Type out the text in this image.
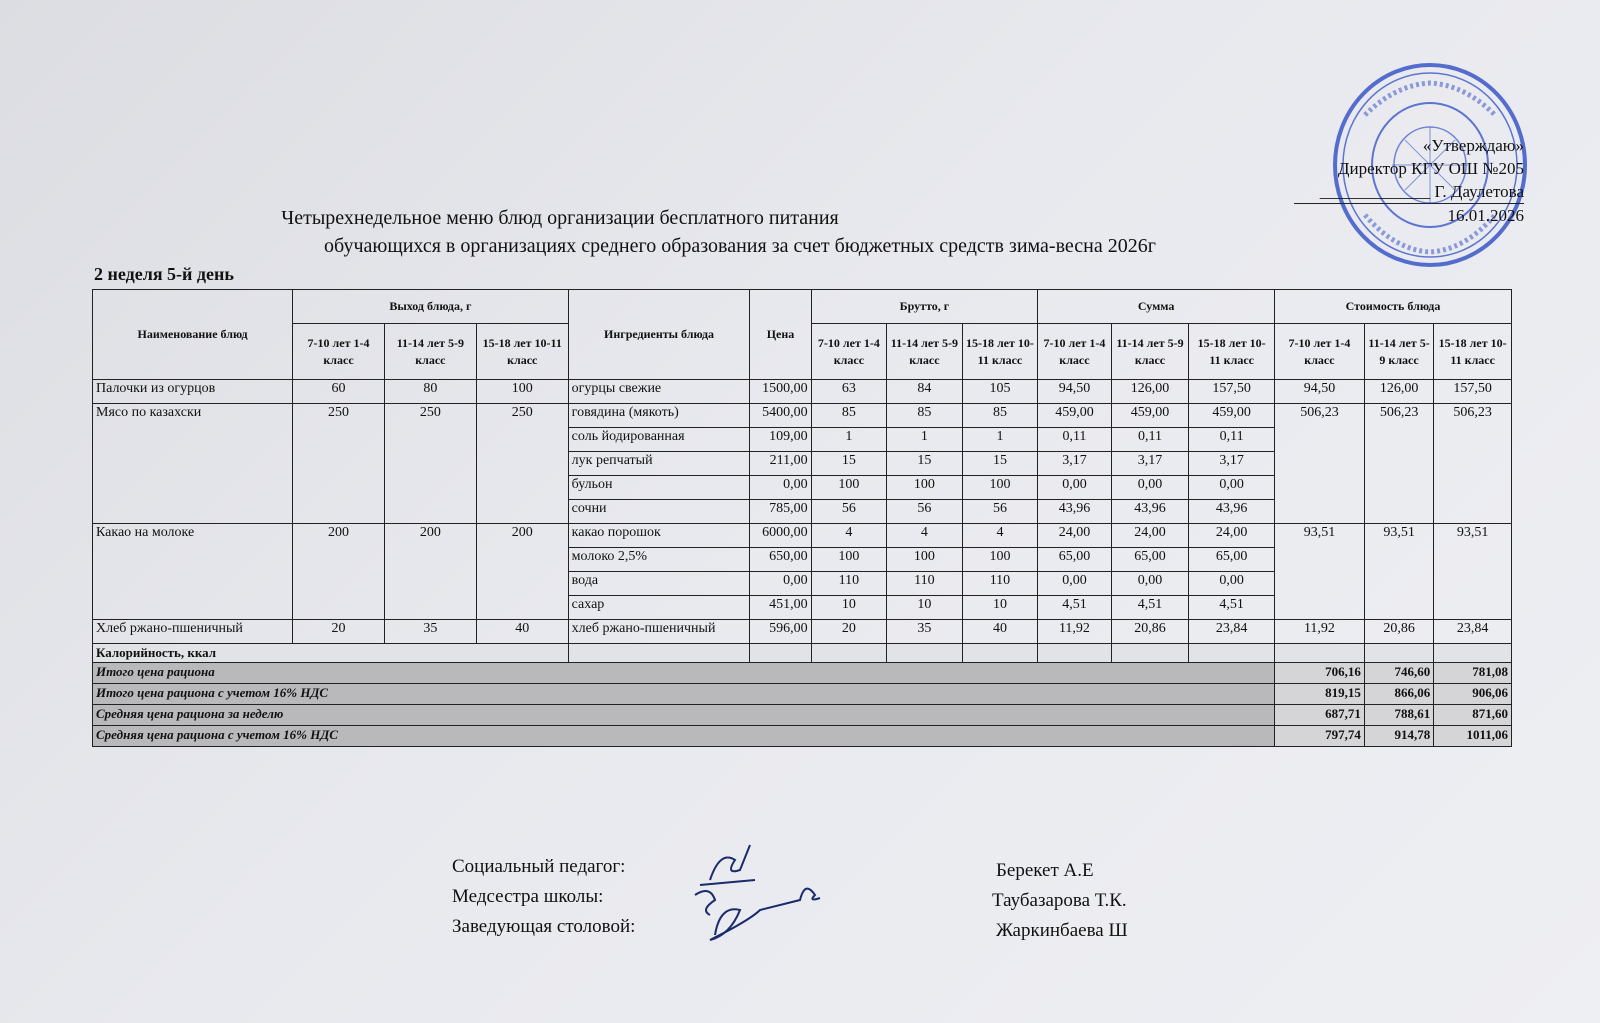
«Утверждаю»
Директор КГУ ОШ №205
_____________ Г. Даулетова
16.01.2026
Четырехнедельное меню блюд организации бесплатного питания
обучающихся в организациях среднего образования за счет бюджетных средств зима-весна 2026г
2 неделя 5-й день
Наименование блюд	Выход блюда, г			Ингредиенты блюда	Цена	Брутто, г			Сумма			Стоимость блюда		
	7-10 лет 1-4 класс	11-14 лет 5-9 класс	15-18 лет 10-11 класс			7-10 лет 1-4 класс	11-14 лет 5-9 класс	15-18 лет 10-11 класс	7-10 лет 1-4 класс	11-14 лет 5-9 класс	15-18 лет 10-11 класс	7-10 лет 1-4 класс	11-14 лет 5-9 класс	15-18 лет 10-11 класс
Палочки из огурцов	60	80	100	огурцы свежие	1500,00	63	84	105	94,50	126,00	157,50	94,50	126,00	157,50
Мясо по казахски	250	250	250	говядина (мякоть)	5400,00	85	85	85	459,00	459,00	459,00	506,23	506,23	506,23
				соль йодированная	109,00	1	1	1	0,11	0,11	0,11			
				лук репчатый	211,00	15	15	15	3,17	3,17	3,17			
				бульон	0,00	100	100	100	0,00	0,00	0,00			
				сочни	785,00	56	56	56	43,96	43,96	43,96			
Какао на молоке	200	200	200	какао порошок	6000,00	4	4	4	24,00	24,00	24,00	93,51	93,51	93,51
				молоко 2,5%	650,00	100	100	100	65,00	65,00	65,00			
				вода	0,00	110	110	110	0,00	0,00	0,00			
				сахар	451,00	10	10	10	4,51	4,51	4,51			
Хлеб ржано-пшеничный	20	35	40	хлеб ржано-пшеничный	596,00	20	35	40	11,92	20,86	23,84	11,92	20,86	23,84
Калорийность, ккал														
Итого цена рациона												706,16	746,60	781,08
Итого цена рациона с учетом 16% НДС												819,15	866,06	906,06
Средняя цена рациона за неделю												687,71	788,61	871,60
Средняя цена рациона с учетом 16% НДС												797,74	914,78	1011,06
Социальный педагог:
Медсестра школы:
Заведующая столовой:
Берекет А.Е
Таубазарова Т.К.
Жаркинбаева Ш
